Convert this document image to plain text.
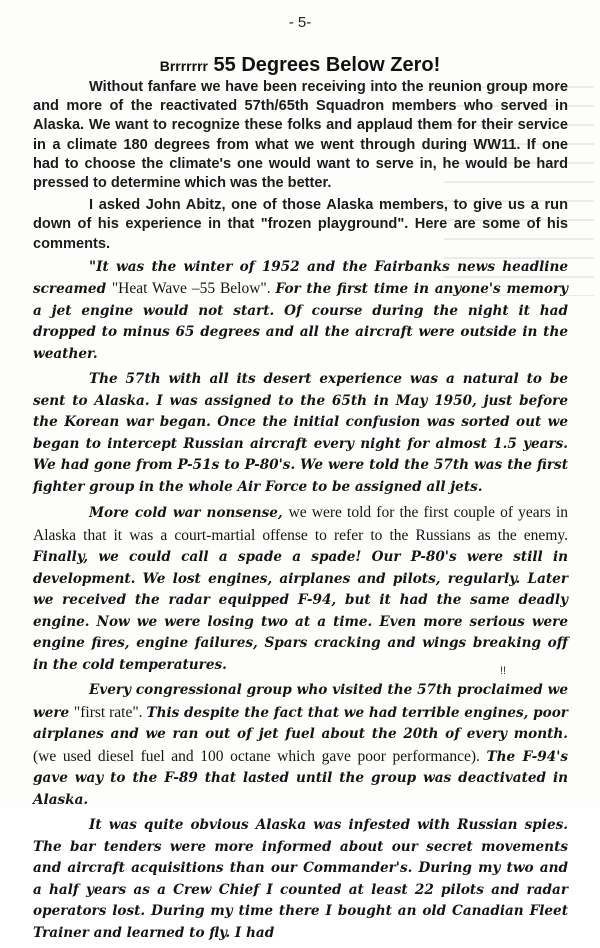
- 5-
Brrrrrrr 55 Degrees Below Zero!

Without fanfare we have been receiving into the reunion group more and more of the reactivated 57th/65th Squadron members who served in Alaska. We want to recognize these folks and applaud them for their service in a climate 180 degrees from what we went through during WW11. If one had to choose the climate's one would want to serve in, he would be hard pressed to determine which was the better.

I asked John Abitz, one of those Alaska members, to give us a run down of his experience in that "frozen playground". Here are some of his comments.

"It was the winter of 1952 and the Fairbanks news headline screamed "Heat Wave –55 Below". For the first time in anyone's memory a jet engine would not start. Of course during the night it had dropped to minus 65 degrees and all the aircraft were outside in the weather.

The 57th with all its desert experience was a natural to be sent to Alaska. I was assigned to the 65th in May 1950, just before the Korean war began. Once the initial confusion was sorted out we began to intercept Russian aircraft every night for almost 1.5 years. We had gone from P-51s to P-80's. We were told the 57th was the first fighter group in the whole Air Force to be assigned all jets.

More cold war nonsense, we were told for the first couple of years in Alaska that it was a court-martial offense to refer to the Russians as the enemy. Finally, we could call a spade a spade! Our P-80's were still in development. We lost engines, airplanes and pilots, regularly. Later we received the radar equipped F-94, but it had the same deadly engine. Now we were losing two at a time. Even more serious were engine fires, engine failures, Spars cracking and wings breaking off in the cold temperatures.

Every congressional group who visited the 57th proclaimed we were "first rate". This despite the fact that we had terrible engines, poor airplanes and we ran out of jet fuel about the 20th of every month. (we used diesel fuel and 100 octane which gave poor performance). The F-94's gave way to the F-89 that lasted until the group was deactivated in Alaska.

It was quite obvious Alaska was infested with Russian spies. The bar tenders were more informed about our secret movements and aircraft acquisitions than our Commander's. During my two and a half years as a Crew Chief I counted at least 22 pilots and radar operators lost. During my time there I bought an old Canadian Fleet Trainer and learned to fly. I had

!!
